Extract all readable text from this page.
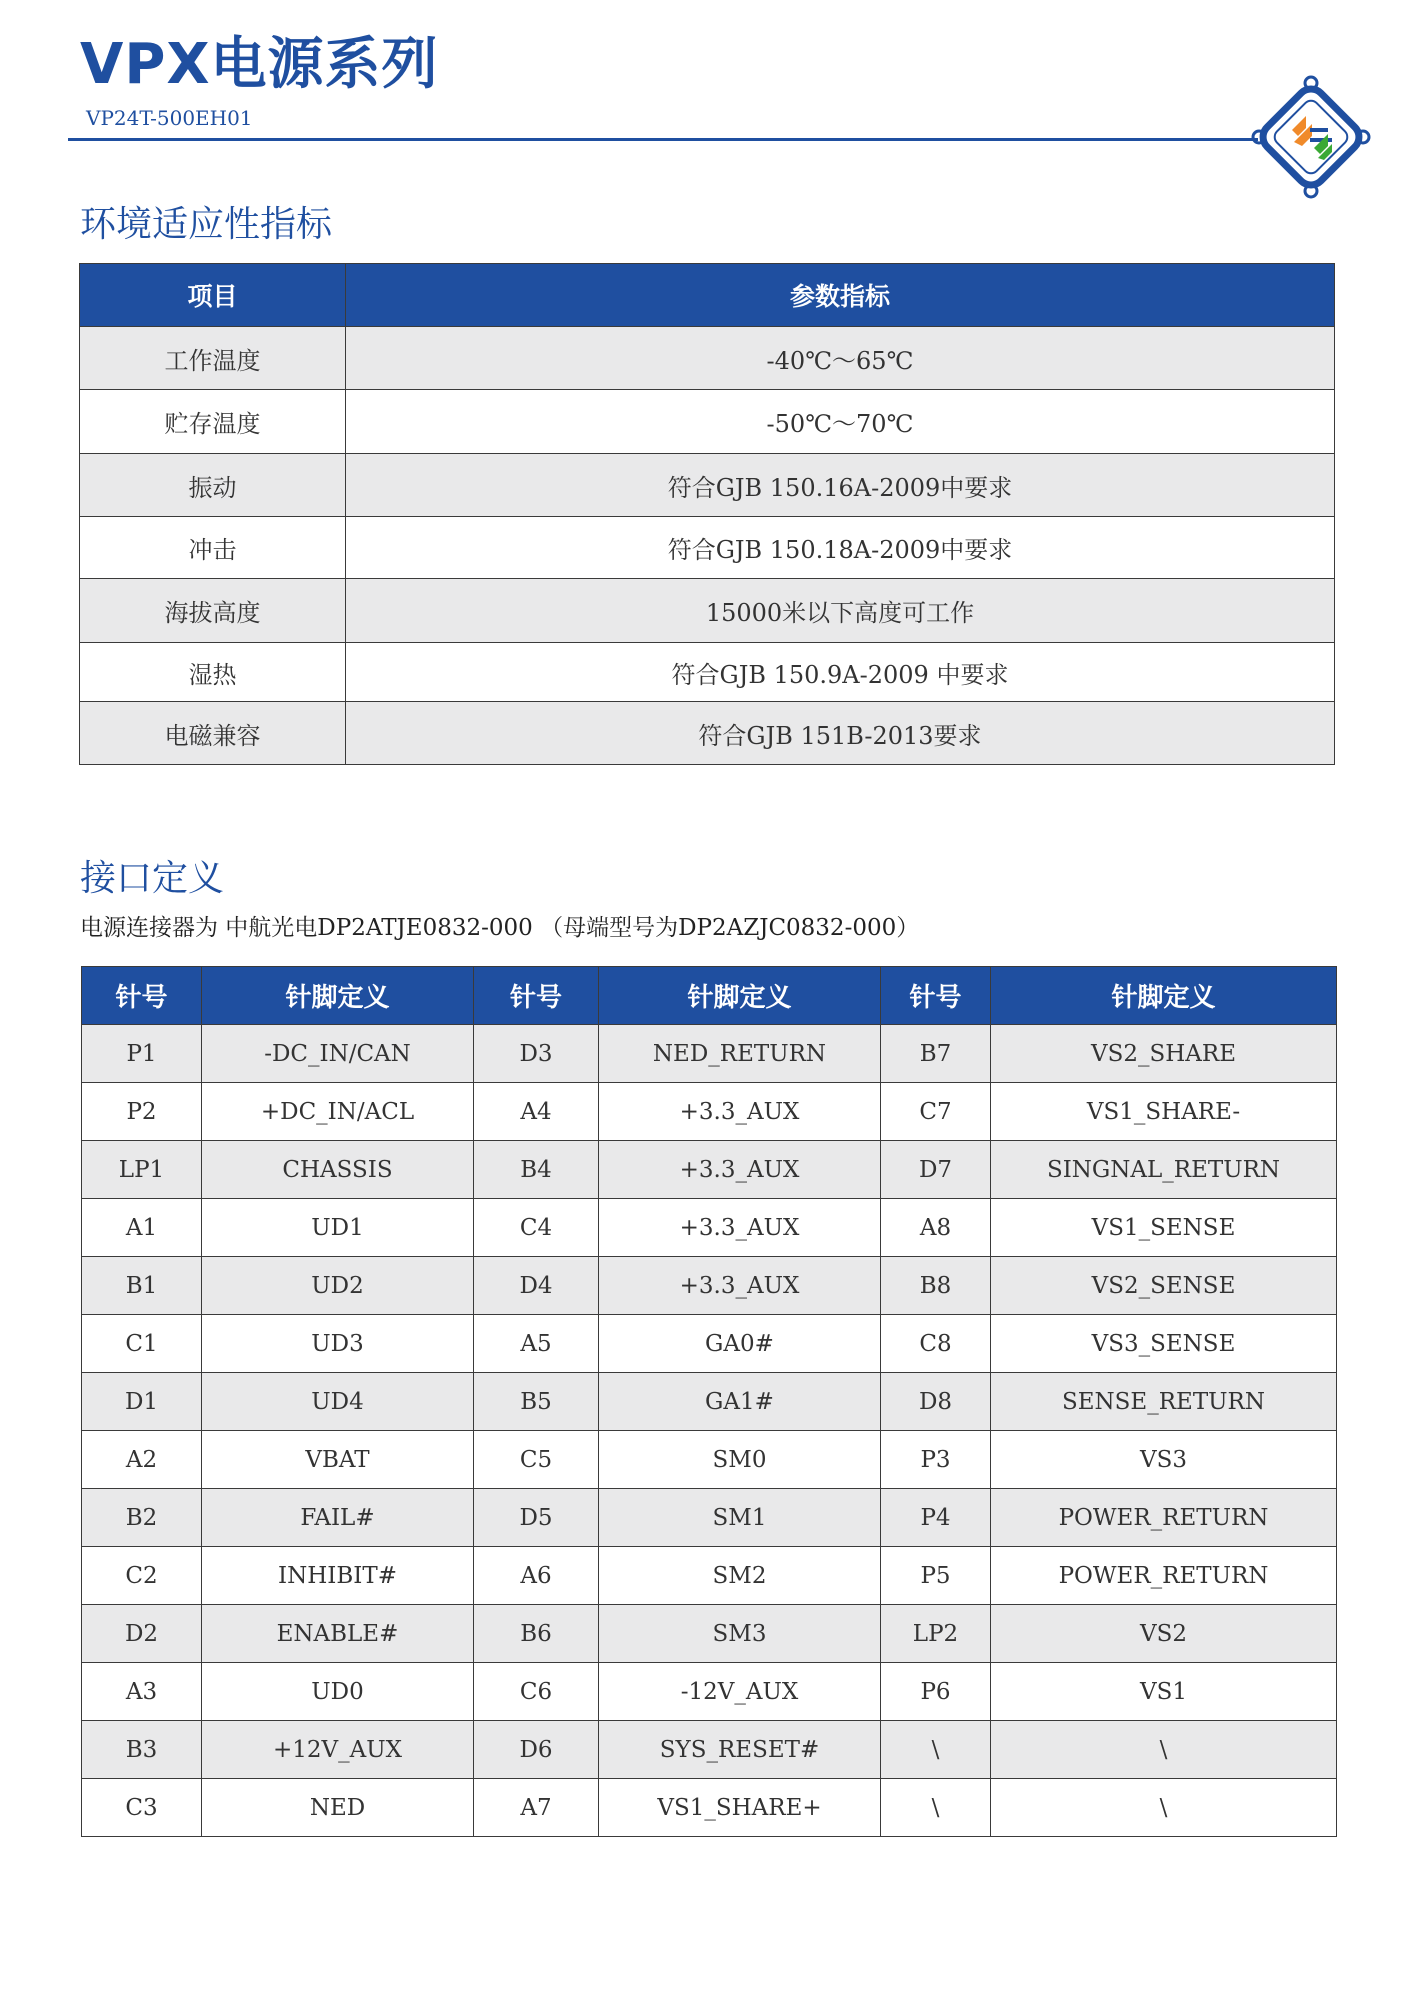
VPX电源系列
VP24T-500EH01
环境适应性指标
项目	参数指标
工作温度	-40℃～65℃
贮存温度	-50℃～70℃
振动	符合GJB 150.16A-2009中要求
冲击	符合GJB 150.18A-2009中要求
海拔高度	15000米以下高度可工作
湿热	符合GJB 150.9A-2009 中要求
电磁兼容	符合GJB 151B-2013要求
接口定义
电源连接器为 中航光电DP2ATJE0832-000 （母端型号为DP2AZJC0832-000）
针号	针脚定义	针号	针脚定义	针号	针脚定义
P1	-DC_IN/CAN	D3	NED_RETURN	B7	VS2_SHARE
P2	+DC_IN/ACL	A4	+3.3_AUX	C7	VS1_SHARE-
LP1	CHASSIS	B4	+3.3_AUX	D7	SINGNAL_RETURN
A1	UD1	C4	+3.3_AUX	A8	VS1_SENSE
B1	UD2	D4	+3.3_AUX	B8	VS2_SENSE
C1	UD3	A5	GA0#	C8	VS3_SENSE
D1	UD4	B5	GA1#	D8	SENSE_RETURN
A2	VBAT	C5	SM0	P3	VS3
B2	FAIL#	D5	SM1	P4	POWER_RETURN
C2	INHIBIT#	A6	SM2	P5	POWER_RETURN
D2	ENABLE#	B6	SM3	LP2	VS2
A3	UD0	C6	-12V_AUX	P6	VS1
B3	+12V_AUX	D6	SYS_RESET#	\	\
C3	NED	A7	VS1_SHARE+	\	\
